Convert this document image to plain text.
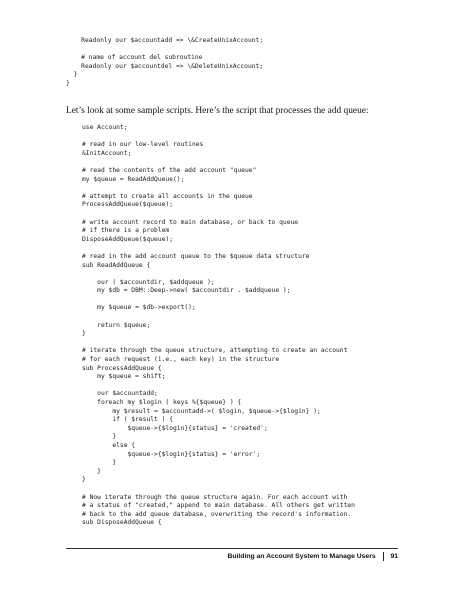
Readonly our $accountadd => \&CreateUnixAccount;

# name of account del subroutine
Readonly our $accountdel => \&DeleteUnixAccount;
}
}

Let’s look at some sample scripts. Here’s the script that processes the add queue:

use Account;

# read in our low-level routines
&InitAccount;

# read the contents of the add account "queue"
my $queue = ReadAddQueue();

# attempt to create all accounts in the queue
ProcessAddQueue($queue);

# write account record to main database, or back to queue
# if there is a problem
DisposeAddQueue($queue);

# read in the add account queue to the $queue data structure
sub ReadAddQueue {

our ( $accountdir, $addqueue );
my $db = DBM::Deep->new( $accountdir . $addqueue );

my $queue = $db->export();

return $queue;
}

# iterate through the queue structure, attempting to create an account
# for each request (i.e., each key) in the structure
sub ProcessAddQueue {
my $queue = shift;

our $accountadd;
foreach my $login ( keys %{$queue} ) {
my $result = $accountadd->( $login, $queue->{$login} );
if ( $result ) {
$queue->{$login}{status} = 'created';
}
else {
$queue->{$login}{status} = 'error';
}
}
}

# Now iterate through the queue structure again. For each account with
# a status of "created," append to main database. All others get written
# back to the add queue database, overwriting the record's information.
sub DisposeAddQueue {
Building an Account System to Manage Users 91
